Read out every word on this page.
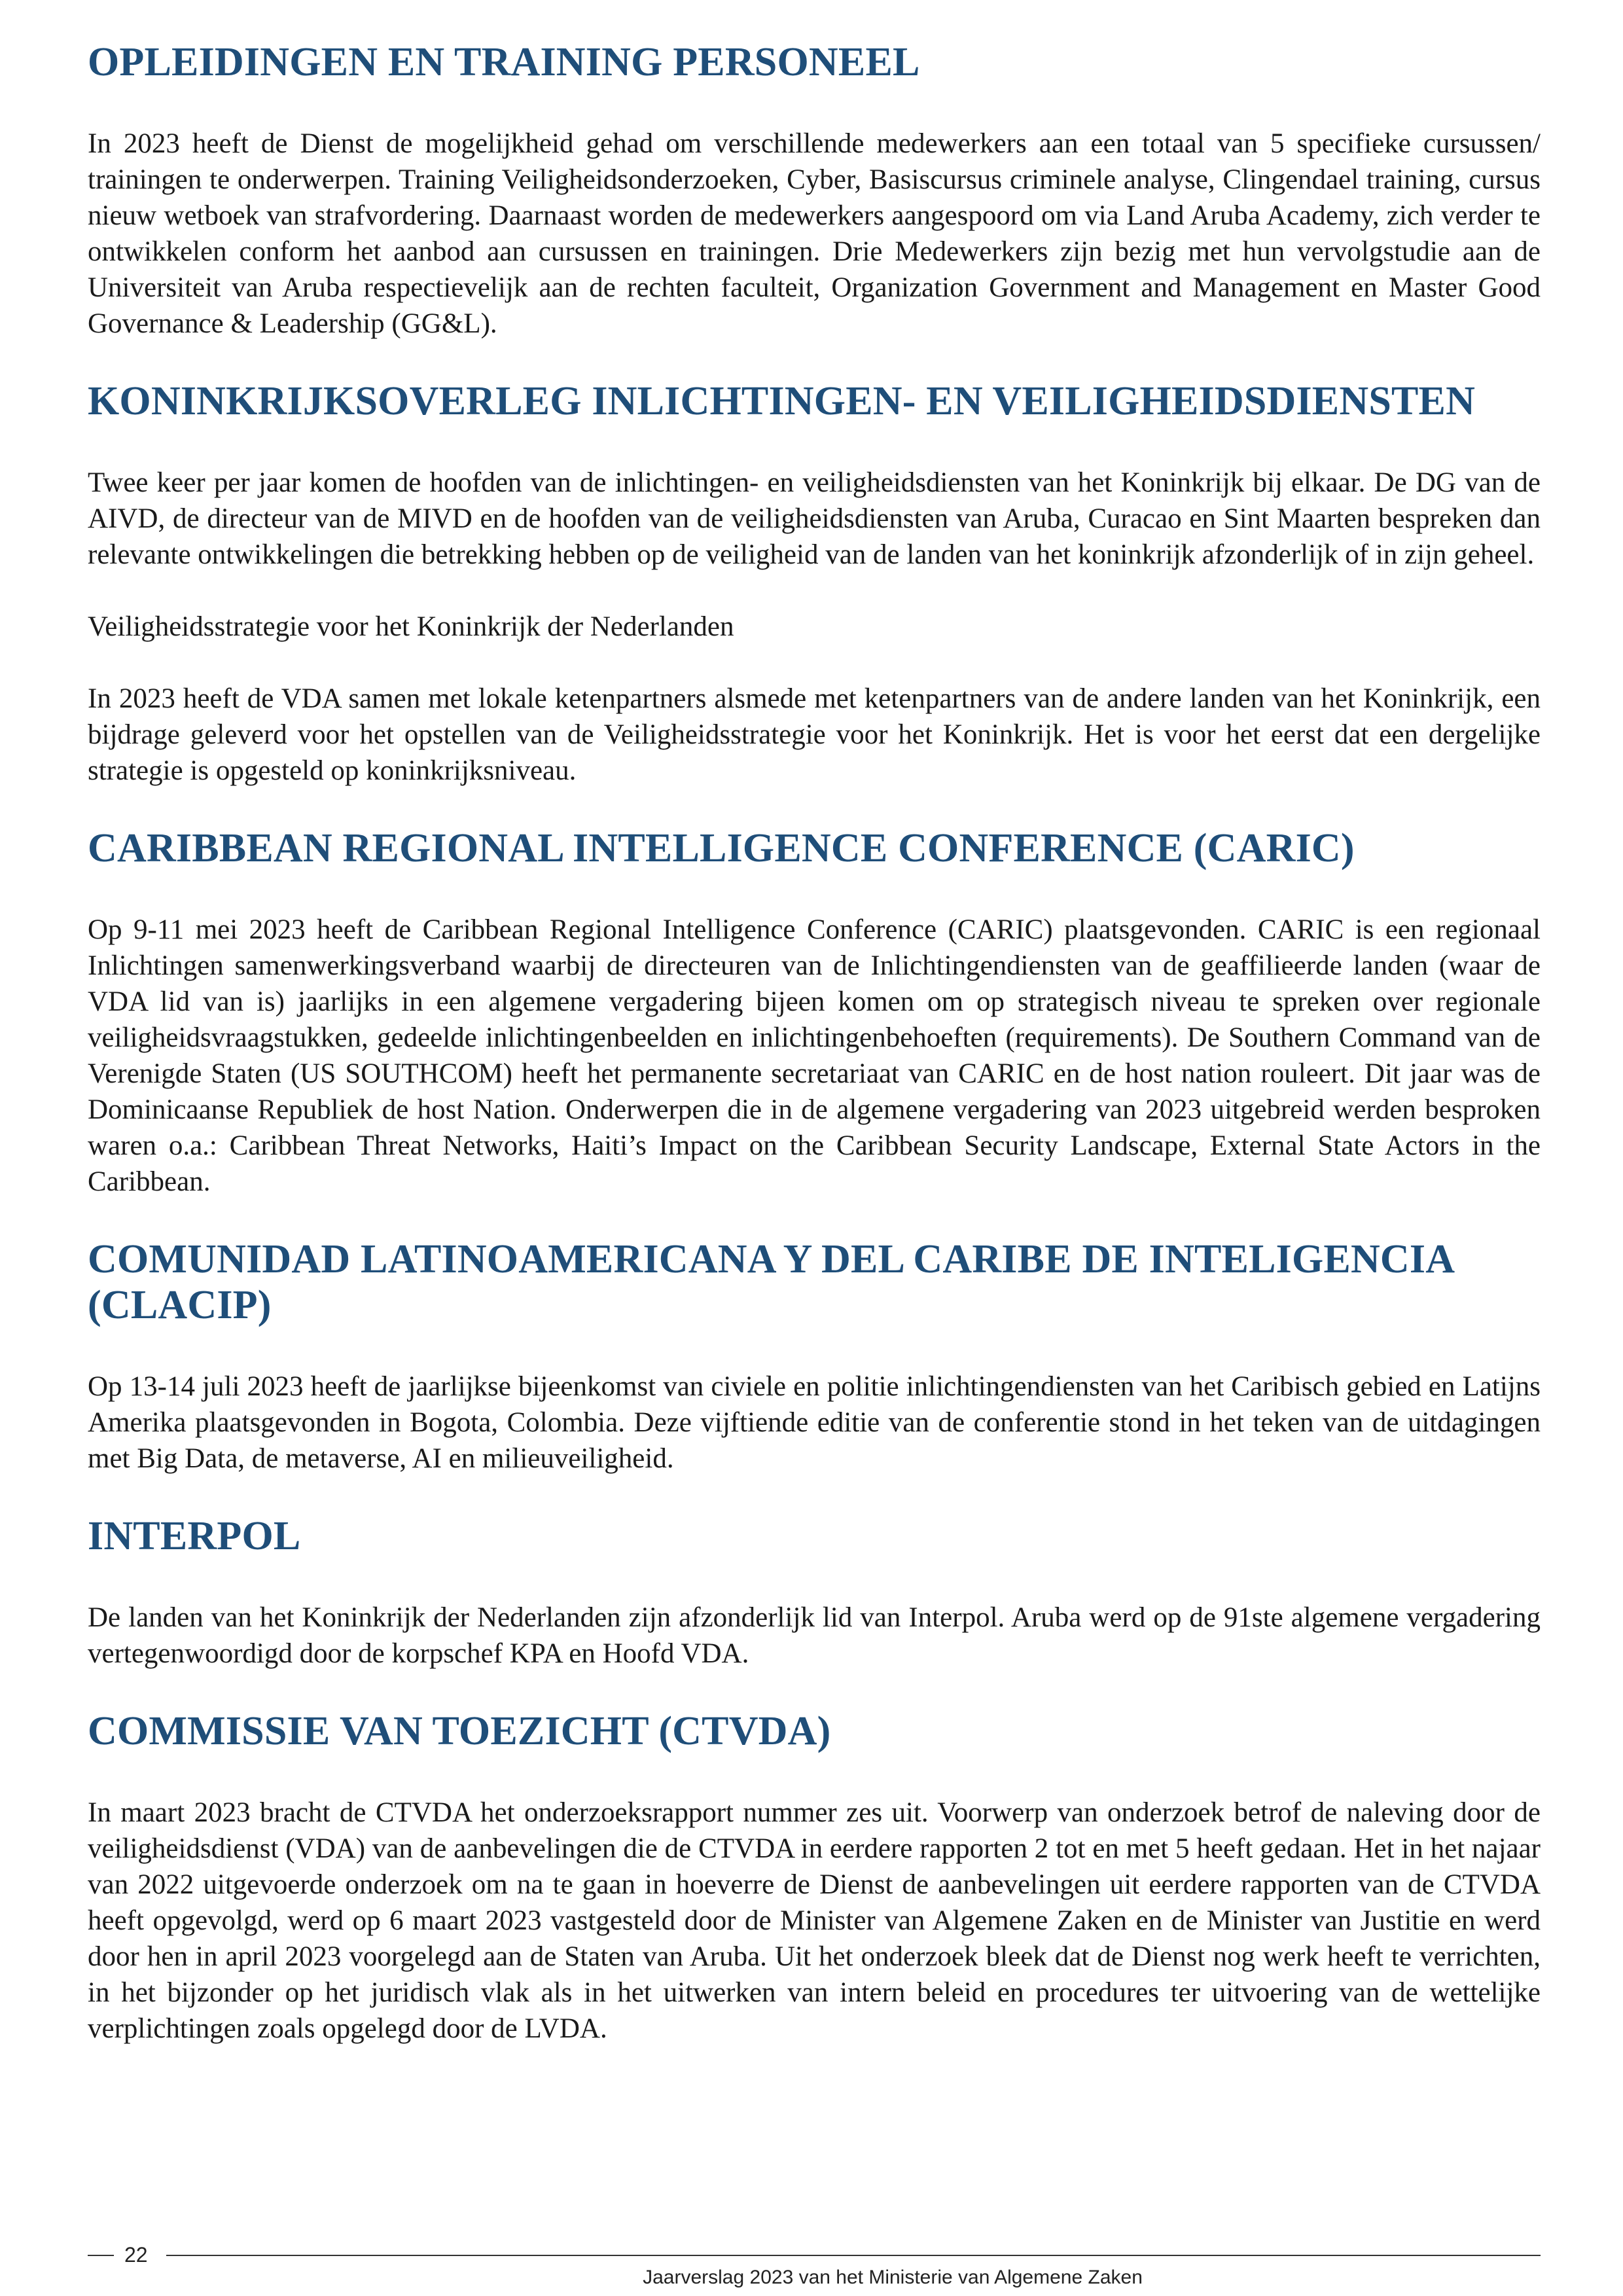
OPLEIDINGEN EN TRAINING PERSONEEL

In 2023 heeft de Dienst de mogelijkheid gehad om verschillende medewerkers aan een totaal van 5 specifieke cursussen/ trainingen te onderwerpen. Training Veiligheidsonderzoeken, Cyber, Basiscursus criminele analyse, Clingendael training, cursus nieuw wetboek van strafvordering. Daarnaast worden de medewerkers aangespoord om via Land Aruba Academy, zich verder te ontwikkelen conform het aanbod aan cursussen en trainingen. Drie Medewerkers zijn bezig met hun vervolgstudie aan de Universiteit van Aruba respectievelijk aan de rechten faculteit, Organization Government and Management en Master Good Governance & Leadership (GG&L).

KONINKRIJKSOVERLEG INLICHTINGEN- EN VEILIGHEIDSDIENSTEN

Twee keer per jaar komen de hoofden van de inlichtingen- en veiligheidsdiensten van het Koninkrijk bij elkaar. De DG van de AIVD, de directeur van de MIVD en de hoofden van de veiligheidsdiensten van Aruba, Curacao en Sint Maarten bespreken dan relevante ontwikkelingen die betrekking hebben op de veiligheid van de landen van het koninkrijk afzonderlijk of in zijn geheel.

Veiligheidsstrategie voor het Koninkrijk der Nederlanden

In 2023 heeft de VDA samen met lokale ketenpartners alsmede met ketenpartners van de andere landen van het Koninkrijk, een bijdrage geleverd voor het opstellen van de Veiligheidsstrategie voor het Koninkrijk. Het is voor het eerst dat een dergelijke strategie is opgesteld op koninkrijksniveau.

CARIBBEAN REGIONAL INTELLIGENCE CONFERENCE (CARIC)

Op 9-11 mei 2023 heeft de Caribbean Regional Intelligence Conference (CARIC) plaatsgevonden. CARIC is een regionaal Inlichtingen samenwerkingsverband waarbij de directeuren van de Inlichtingendiensten van de geaffilieerde landen (waar de VDA lid van is) jaarlijks in een algemene vergadering bijeen komen om op strategisch niveau te spreken over regionale veiligheidsvraagstukken, gedeelde inlichtingenbeelden en inlichtingenbehoeften (requirements). De Southern Command van de Verenigde Staten (US SOUTHCOM) heeft het permanente secretariaat van CARIC en de host nation rouleert. Dit jaar was de Dominicaanse Republiek de host Nation. Onderwerpen die in de algemene vergadering van 2023 uitgebreid werden besproken waren o.a.: Caribbean Threat Networks, Haiti’s Impact on the Caribbean Security Landscape, External State Actors in the Caribbean.

COMUNIDAD LATINOAMERICANA Y DEL CARIBE DE INTELIGENCIA (CLACIP)

Op 13-14 juli 2023 heeft de jaarlijkse bijeenkomst van civiele en politie inlichtingendiensten van het Caribisch gebied en Latijns Amerika plaatsgevonden in Bogota, Colombia. Deze vijftiende editie van de conferentie stond in het teken van de uitdagingen met Big Data, de metaverse, AI en milieuveiligheid.

INTERPOL

De landen van het Koninkrijk der Nederlanden zijn afzonderlijk lid van Interpol. Aruba werd op de 91ste algemene vergadering vertegenwoordigd door de korpschef KPA en Hoofd VDA.

COMMISSIE VAN TOEZICHT (CTVDA)

In maart 2023 bracht de CTVDA het onderzoeksrapport nummer zes uit. Voorwerp van onderzoek betrof de naleving door de veiligheidsdienst (VDA) van de aanbevelingen die de CTVDA in eerdere rapporten 2 tot en met 5 heeft gedaan. Het in het najaar van 2022 uitgevoerde onderzoek om na te gaan in hoeverre de Dienst de aanbevelingen uit eerdere rapporten van de CTVDA heeft opgevolgd, werd op 6 maart 2023 vastgesteld door de Minister van Algemene Zaken en de Minister van Justitie en werd door hen in april 2023 voorgelegd aan de Staten van Aruba. Uit het onderzoek bleek dat de Dienst nog werk heeft te verrichten, in het bijzonder op het juridisch vlak als in het uitwerken van intern beleid en procedures ter uitvoering van de wettelijke verplichtingen zoals opgelegd door de LVDA.

22
Jaarverslag 2023 van het Ministerie van Algemene Zaken
